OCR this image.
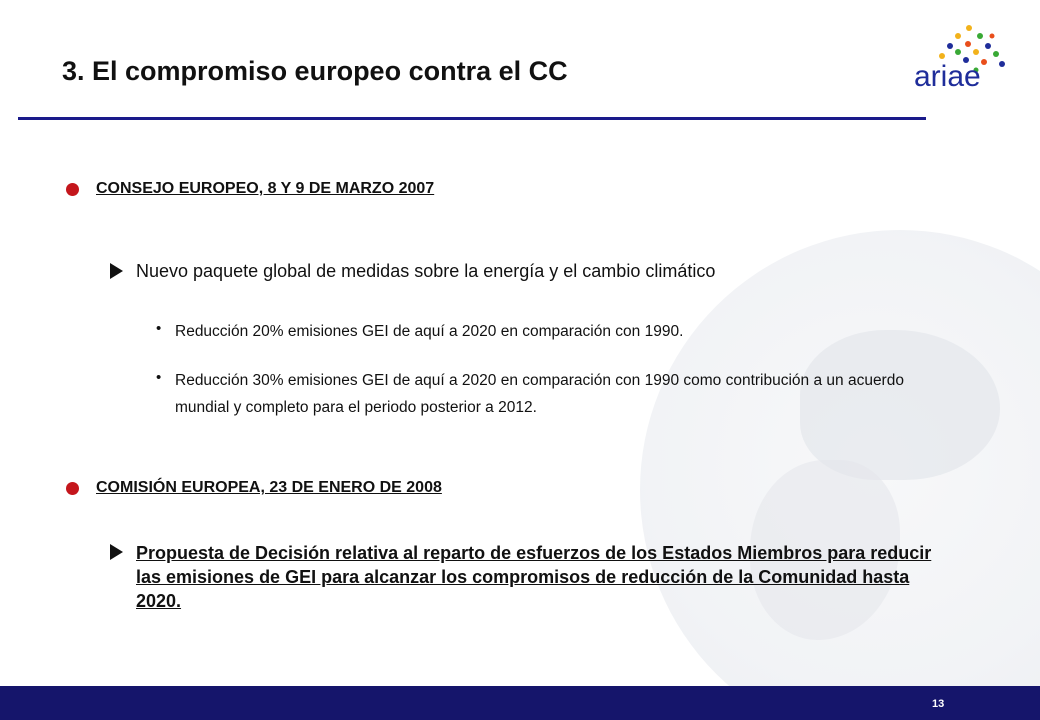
3. El compromiso europeo contra el CC	ariae
CONSEJO EUROPEO, 8 Y 9 DE MARZO 2007
Nuevo paquete global de medidas sobre la energía y el cambio climático
• Reducción 20% emisiones GEI de aquí a 2020 en comparación con 1990.
• Reducción 30% emisiones GEI de aquí a 2020 en comparación con 1990 como contribución a un acuerdo mundial y completo para el periodo posterior a 2012.
COMISIÓN EUROPEA, 23 DE ENERO DE 2008
Propuesta de Decisión relativa al reparto de esfuerzos de los Estados Miembros para reducir las emisiones de GEI para alcanzar los compromisos de reducción de la Comunidad hasta 2020.
13
